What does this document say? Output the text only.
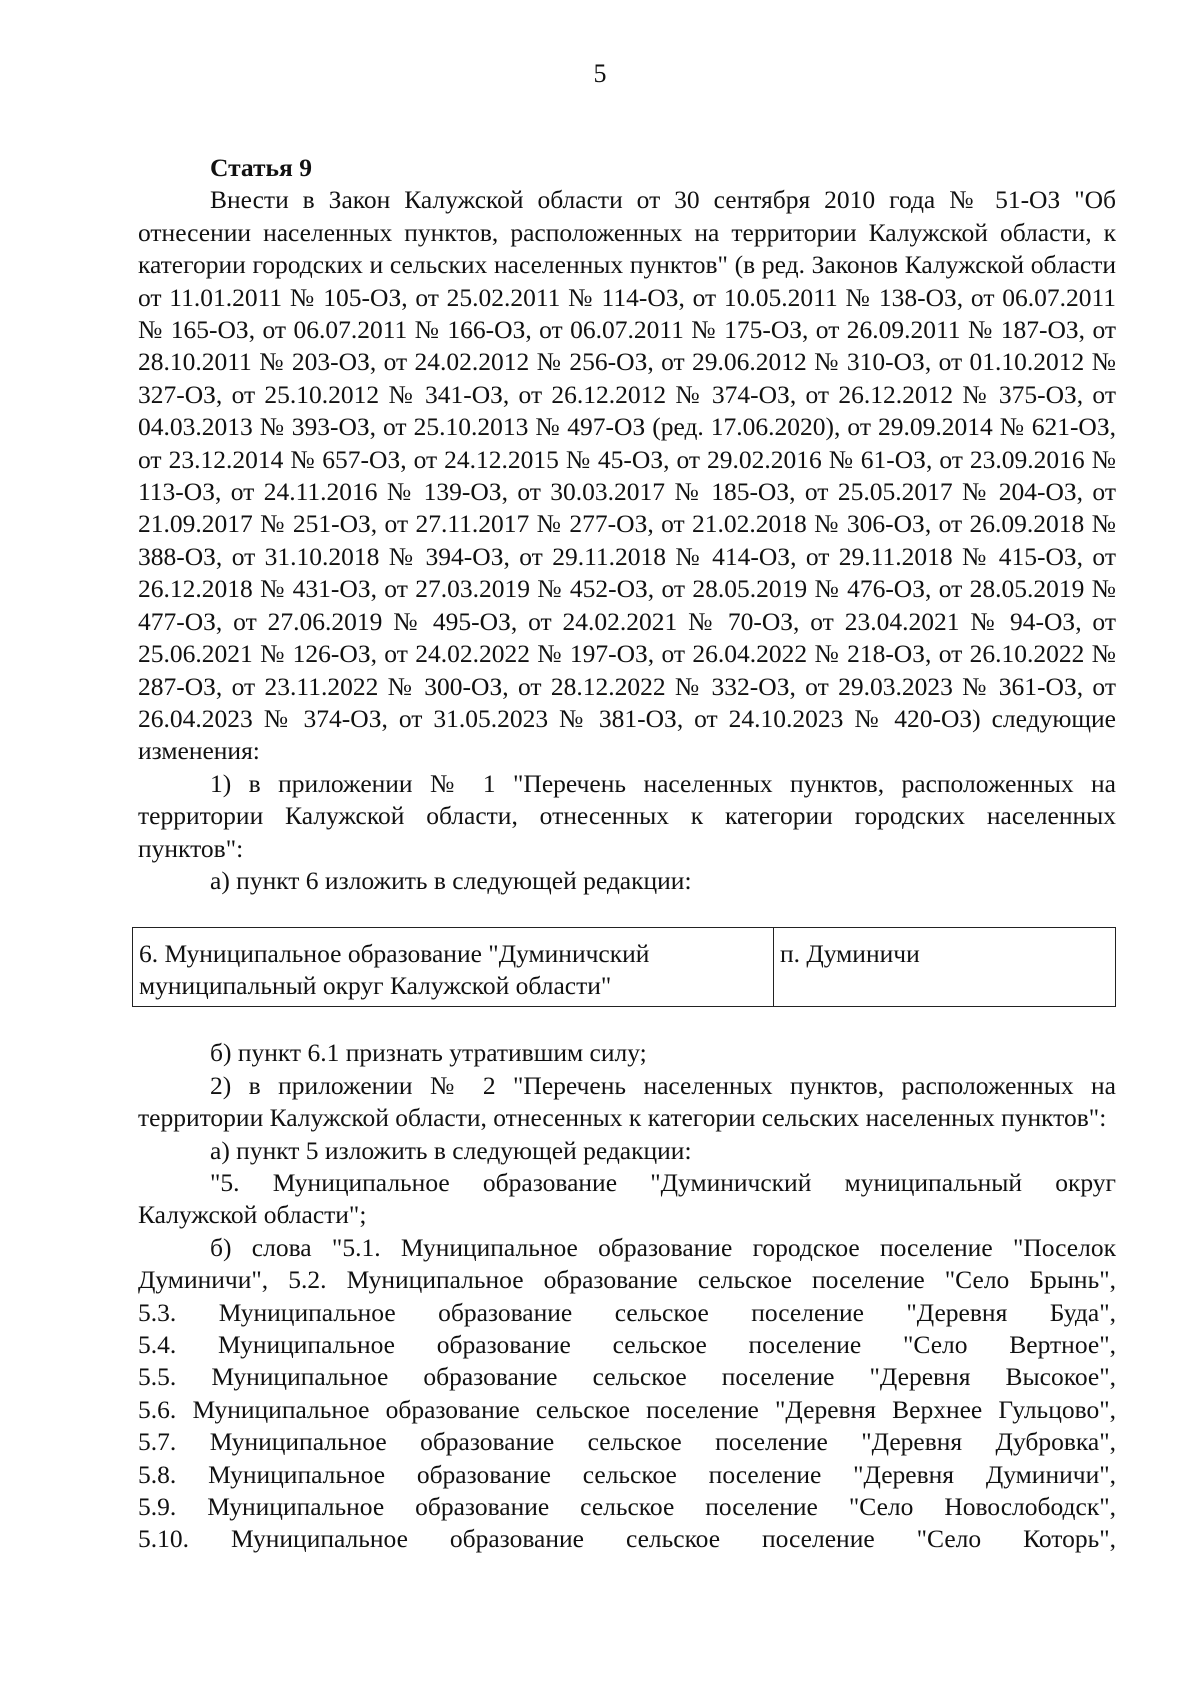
5

Статья 9

Внести в Закон Калужской области от 30 сентября 2010 года № 51-ОЗ "Об отнесении населенных пунктов, расположенных на территории Калужской области, к категории городских и сельских населенных пунктов" (в ред. Законов Калужской области от 11.01.2011 № 105-ОЗ, от 25.02.2011 № 114-ОЗ, от 10.05.2011 № 138-ОЗ, от 06.07.2011 № 165-ОЗ, от 06.07.2011 № 166-ОЗ, от 06.07.2011 № 175-ОЗ, от 26.09.2011 № 187-ОЗ, от 28.10.2011 № 203-ОЗ, от 24.02.2012 № 256-ОЗ, от 29.06.2012 № 310-ОЗ, от 01.10.2012 № 327-ОЗ, от 25.10.2012 № 341-ОЗ, от 26.12.2012 № 374-ОЗ, от 26.12.2012 № 375-ОЗ, от 04.03.2013 № 393-ОЗ, от 25.10.2013 № 497-ОЗ (ред. 17.06.2020), от 29.09.2014 № 621-ОЗ, от 23.12.2014 № 657-ОЗ, от 24.12.2015 № 45-ОЗ, от 29.02.2016 № 61-ОЗ, от 23.09.2016 № 113-ОЗ, от 24.11.2016 № 139-ОЗ, от 30.03.2017 № 185-ОЗ, от 25.05.2017 № 204-ОЗ, от 21.09.2017 № 251-ОЗ, от 27.11.2017 № 277-ОЗ, от 21.02.2018 № 306-ОЗ, от 26.09.2018 № 388-ОЗ, от 31.10.2018 № 394-ОЗ, от 29.11.2018 № 414-ОЗ, от 29.11.2018 № 415-ОЗ, от 26.12.2018 № 431-ОЗ, от 27.03.2019 № 452-ОЗ, от 28.05.2019 № 476-ОЗ, от 28.05.2019 № 477-ОЗ, от 27.06.2019 № 495-ОЗ, от 24.02.2021 № 70-ОЗ, от 23.04.2021 № 94-ОЗ, от 25.06.2021 № 126-ОЗ, от 24.02.2022 № 197-ОЗ, от 26.04.2022 № 218-ОЗ, от 26.10.2022 № 287-ОЗ, от 23.11.2022 № 300-ОЗ, от 28.12.2022 № 332-ОЗ, от 29.03.2023 № 361-ОЗ, от 26.04.2023 № 374-ОЗ, от 31.05.2023 № 381-ОЗ, от 24.10.2023 № 420-ОЗ) следующие изменения:

1) в приложении № 1 "Перечень населенных пунктов, расположенных на территории Калужской области, отнесенных к категории городских населенных пунктов":

а) пункт 6 изложить в следующей редакции:

6. Муниципальное образование "Думиничский муниципальный округ Калужской области"	п. Думиничи

б) пункт 6.1 признать утратившим силу;

2) в приложении № 2 "Перечень населенных пунктов, расположенных на территории Калужской области, отнесенных к категории сельских населенных пунктов":

а) пункт 5 изложить в следующей редакции:

"5. Муниципальное образование "Думиничский муниципальный округ

Калужской области";

б) слова "5.1. Муниципальное образование городское поселение "Поселок

Думиничи", 5.2. Муниципальное образование сельское поселение "Село Брынь",

5.3. Муниципальное образование сельское поселение "Деревня Буда",

5.4. Муниципальное образование сельское поселение "Село Вертное",

5.5. Муниципальное образование сельское поселение "Деревня Высокое",

5.6. Муниципальное образование сельское поселение "Деревня Верхнее Гульцово",

5.7. Муниципальное образование сельское поселение "Деревня Дубровка",

5.8. Муниципальное образование сельское поселение "Деревня Думиничи",

5.9. Муниципальное образование сельское поселение "Село Новослободск",

5.10. Муниципальное образование сельское поселение "Село Которь",
